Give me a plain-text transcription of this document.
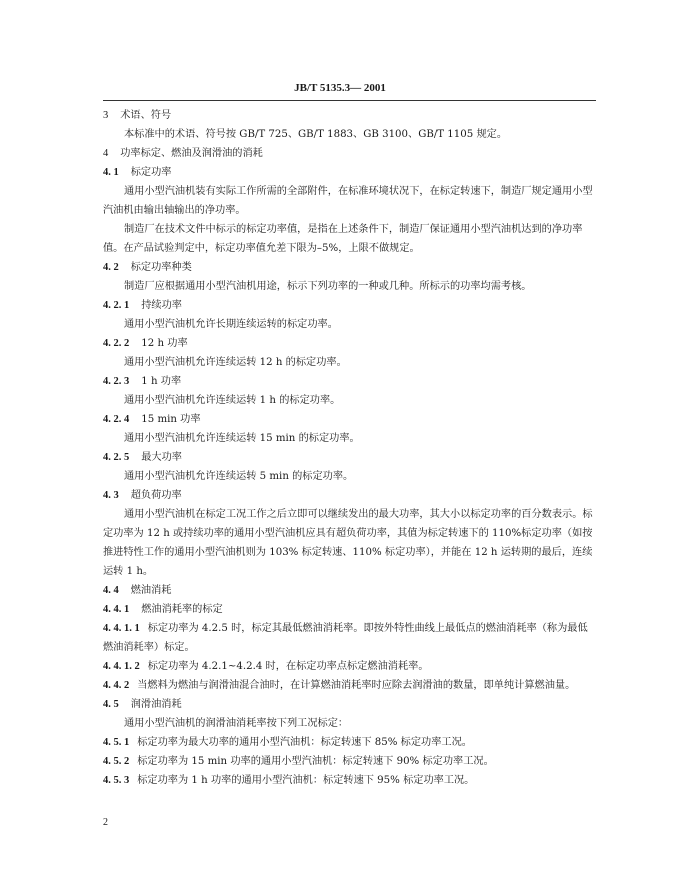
JB/T 5135.3— 2001
3 术语、符号
本标准中的术语、符号按 GB/T 725、GB/T 1883、GB 3100、GB/T 1105 规定。
4 功率标定、燃油及润滑油的消耗
4. 1 标定功率
通用小型汽油机装有实际工作所需的全部附件，在标准环境状况下，在标定转速下，制造厂规定通用小型汽油机由输出轴输出的净功率。
制造厂在技术文件中标示的标定功率值，是指在上述条件下，制造厂保证通用小型汽油机达到的净功率值。在产品试验判定中，标定功率值允差下限为–5%，上限不做规定。
4. 2 标定功率种类
制造厂应根据通用小型汽油机用途，标示下列功率的一种或几种。所标示的功率均需考核。
4. 2. 1 持续功率
通用小型汽油机允许长期连续运转的标定功率。
4. 2. 2 12 h 功率
通用小型汽油机允许连续运转 12 h 的标定功率。
4. 2. 3 1 h 功率
通用小型汽油机允许连续运转 1 h 的标定功率。
4. 2. 4 15 min 功率
通用小型汽油机允许连续运转 15 min 的标定功率。
4. 2. 5 最大功率
通用小型汽油机允许连续运转 5 min 的标定功率。
4. 3 超负荷功率
通用小型汽油机在标定工况工作之后立即可以继续发出的最大功率，其大小以标定功率的百分数表示。标定功率为 12 h 或持续功率的通用小型汽油机应具有超负荷功率，其值为标定转速下的 110%标定功率（如按推进特性工作的通用小型汽油机则为 103% 标定转速、110% 标定功率），并能在 12 h 运转期的最后，连续运转 1 h。
4. 4 燃油消耗
4. 4. 1 燃油消耗率的标定
4. 4. 1. 1 标定功率为 4.2.5 时，标定其最低燃油消耗率。即按外特性曲线上最低点的燃油消耗率（称为最低燃油消耗率）标定。
4. 4. 1. 2 标定功率为 4.2.1~4.2.4 时，在标定功率点标定燃油消耗率。
4. 4. 2 当燃料为燃油与润滑油混合油时，在计算燃油消耗率时应除去润滑油的数量，即单纯计算燃油量。
4. 5 润滑油消耗
通用小型汽油机的润滑油消耗率按下列工况标定：
4. 5. 1 标定功率为最大功率的通用小型汽油机：标定转速下 85% 标定功率工况。
4. 5. 2 标定功率为 15 min 功率的通用小型汽油机：标定转速下 90% 标定功率工况。
4. 5. 3 标定功率为 1 h 功率的通用小型汽油机：标定转速下 95% 标定功率工况。
2
